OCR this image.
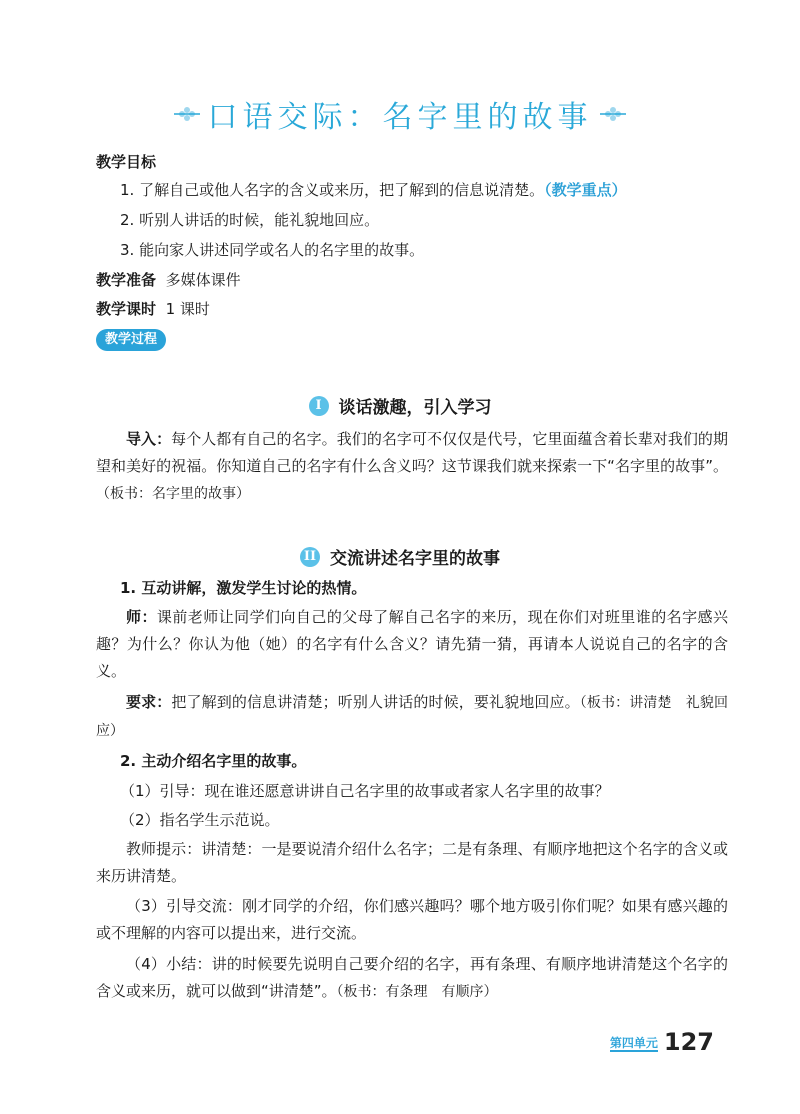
口语交际：名字里的故事
教学目标
1. 了解自己或他人名字的含义或来历，把了解到的信息说清楚。（教学重点）
2. 听别人讲话的时候，能礼貌地回应。
3. 能向家人讲述同学或名人的名字里的故事。
教学准备 多媒体课件
教学课时 1 课时
教学过程
I 谈话激趣，引入学习
导入：每个人都有自己的名字。我们的名字可不仅仅是代号，它里面蕴含着长辈对我们的期望和美好的祝福。你知道自己的名字有什么含义吗？这节课我们就来探索一下“名字里的故事”。（板书：名字里的故事）
II 交流讲述名字里的故事
1. 互动讲解，激发学生讨论的热情。
师：课前老师让同学们向自己的父母了解自己名字的来历，现在你们对班里谁的名字感兴趣？为什么？你认为他（她）的名字有什么含义？请先猜一猜，再请本人说说自己的名字的含义。
要求：把了解到的信息讲清楚；听别人讲话的时候，要礼貌地回应。（板书：讲清楚　礼貌回应）
2. 主动介绍名字里的故事。
（1）引导：现在谁还愿意讲讲自己名字里的故事或者家人名字里的故事？
（2）指名学生示范说。
教师提示：讲清楚：一是要说清介绍什么名字；二是有条理、有顺序地把这个名字的含义或来历讲清楚。
（3）引导交流：刚才同学的介绍，你们感兴趣吗？哪个地方吸引你们呢？如果有感兴趣的或不理解的内容可以提出来，进行交流。
（4）小结：讲的时候要先说明自己要介绍的名字，再有条理、有顺序地讲清楚这个名字的含义或来历，就可以做到“讲清楚”。（板书：有条理　有顺序）
第四单元 127
